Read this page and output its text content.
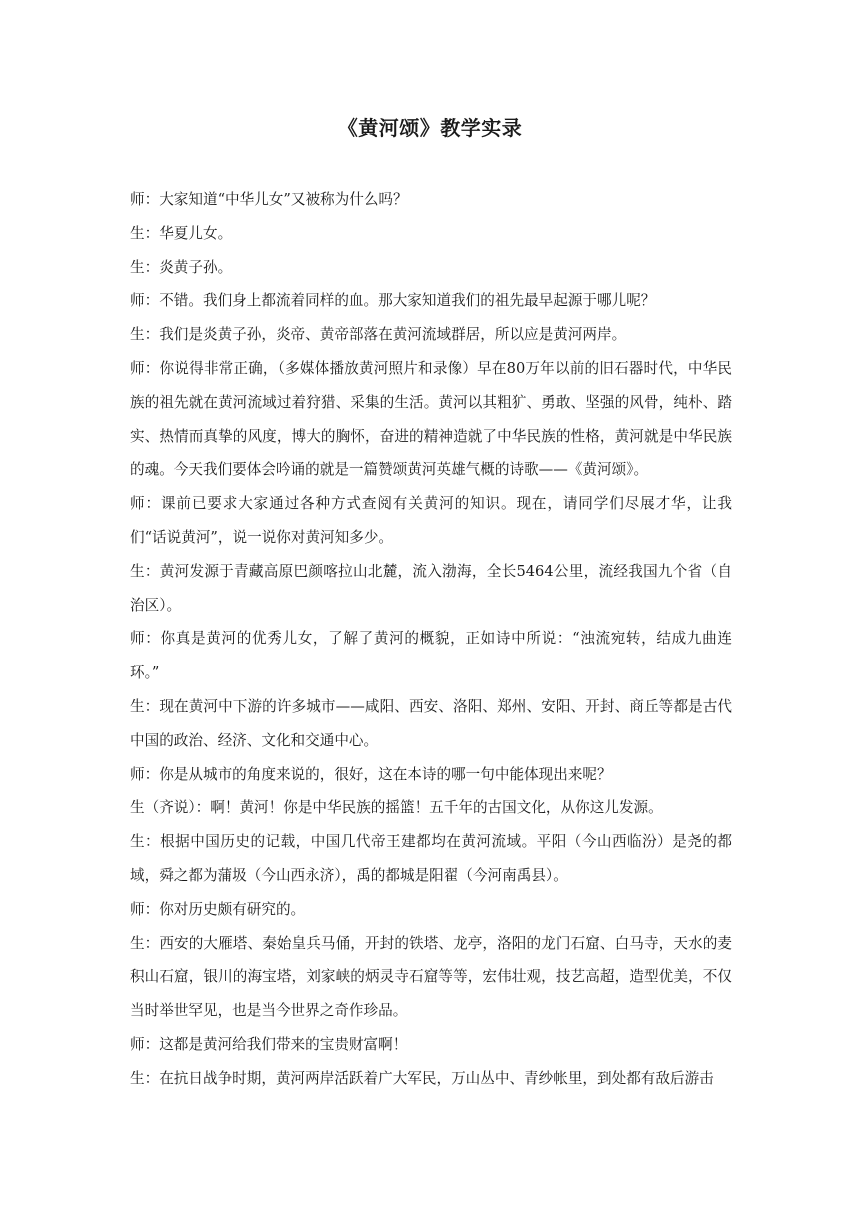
《黄河颂》教学实录

师：大家知道“中华儿女”又被称为什么吗？

生：华夏儿女。

生：炎黄子孙。

师：不错。我们身上都流着同样的血。那大家知道我们的祖先最早起源于哪儿呢？

生：我们是炎黄子孙，炎帝、黄帝部落在黄河流域群居，所以应是黄河两岸。

师：你说得非常正确，（多媒体播放黄河照片和录像）早在80万年以前的旧石器时代，中华民族的祖先就在黄河流域过着狩猎、采集的生活。黄河以其粗犷、勇敢、坚强的风骨，纯朴、踏实、热情而真挚的风度，博大的胸怀，奋进的精神造就了中华民族的性格，黄河就是中华民族的魂。今天我们要体会吟诵的就是一篇赞颂黄河英雄气概的诗歌——《黄河颂》。

师：课前已要求大家通过各种方式查阅有关黄河的知识。现在，请同学们尽展才华，让我们“话说黄河”，说一说你对黄河知多少。

生：黄河发源于青藏高原巴颜喀拉山北麓，流入渤海，全长5464公里，流经我国九个省（自治区）。

师：你真是黄河的优秀儿女，了解了黄河的概貌，正如诗中所说：“浊流宛转，结成九曲连环。”

生：现在黄河中下游的许多城市——咸阳、西安、洛阳、郑州、安阳、开封、商丘等都是古代中国的政治、经济、文化和交通中心。

师：你是从城市的角度来说的，很好，这在本诗的哪一句中能体现出来呢？

生（齐说）：啊！黄河！你是中华民族的摇篮！五千年的古国文化，从你这儿发源。

生：根据中国历史的记载，中国几代帝王建都均在黄河流域。平阳（今山西临汾）是尧的都域，舜之都为蒲圾（今山西永济），禹的都城是阳翟（今河南禹县）。

师：你对历史颇有研究的。

生：西安的大雁塔、秦始皇兵马俑，开封的铁塔、龙亭，洛阳的龙门石窟、白马寺，天水的麦积山石窟，银川的海宝塔，刘家峡的炳灵寺石窟等等，宏伟壮观，技艺高超，造型优美，不仅当时举世罕见，也是当今世界之奇作珍品。

师：这都是黄河给我们带来的宝贵财富啊！

生：在抗日战争时期，黄河两岸活跃着广大军民，万山丛中、青纱帐里，到处都有敌后游击
